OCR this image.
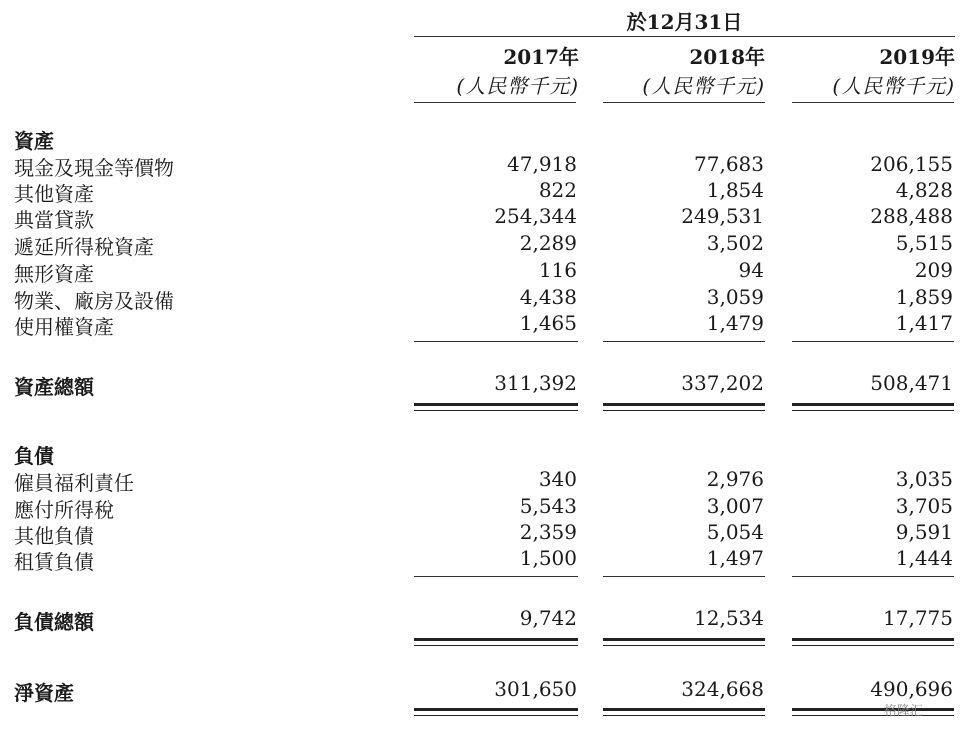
於12月31日
2017年	2018年	2019年
(人民幣千元)	(人民幣千元)	(人民幣千元)
資產
現金及現金等價物	47,918	77,683	206,155
其他資產	822	1,854	4,828
典當貸款	254,344	249,531	288,488
遞延所得稅資產	2,289	3,502	5,515
無形資產	116	94	209
物業、廠房及設備	4,438	3,059	1,859
使用權資產	1,465	1,479	1,417
資產總額	311,392	337,202	508,471
負債
僱員福利責任	340	2,976	3,035
應付所得稅	5,543	3,007	3,705
其他負債	2,359	5,054	9,591
租賃負債	1,500	1,497	1,444
負債總額	9,742	12,534	17,775
淨資產	301,650	324,668	490,696
格隆汇
